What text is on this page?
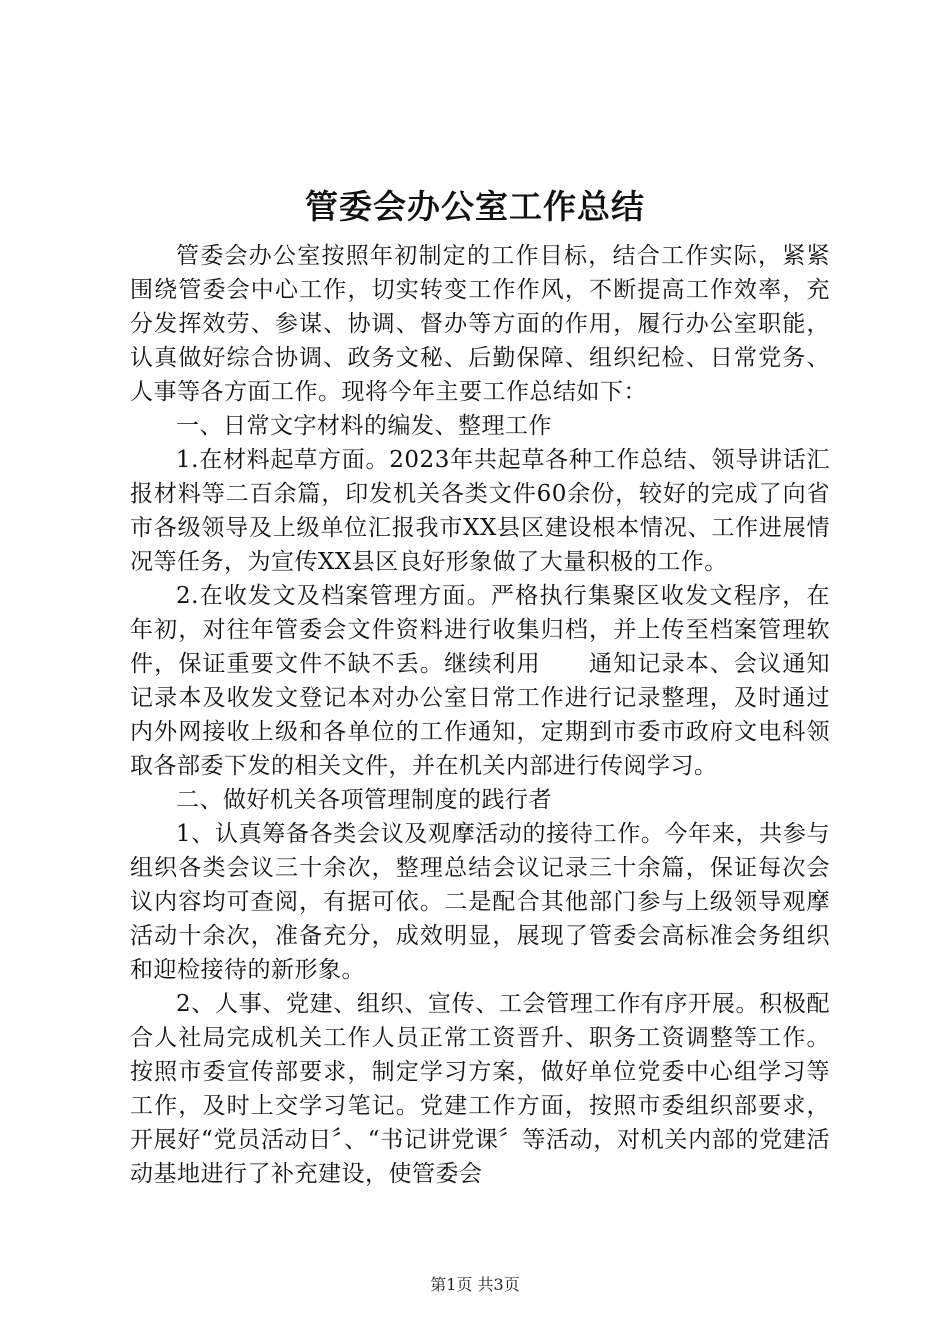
管委会办公室工作总结

管委会办公室按照年初制定的工作目标，结合工作实际，紧紧围绕管委会中心工作，切实转变工作作风，不断提高工作效率，充分发挥效劳、参谋、协调、督办等方面的作用，履行办公室职能，认真做好综合协调、政务文秘、后勤保障、组织纪检、日常党务、人事等各方面工作。现将今年主要工作总结如下：

一、日常文字材料的编发、整理工作

1.在材料起草方面。2023年共起草各种工作总结、领导讲话汇报材料等二百余篇，印发机关各类文件60余份，较好的完成了向省市各级领导及上级单位汇报我市XX县区建设根本情况、工作进展情况等任务，为宣传XX县区良好形象做了大量积极的工作。

2.在收发文及档案管理方面。严格执行集聚区收发文程序，在年初，对往年管委会文件资料进行收集归档，并上传至档案管理软件，保证重要文件不缺不丢。继续利用　　通知记录本、会议通知记录本及收发文登记本对办公室日常工作进行记录整理，及时通过内外网接收上级和各单位的工作通知，定期到市委市政府文电科领取各部委下发的相关文件，并在机关内部进行传阅学习。

二、做好机关各项管理制度的践行者

1、认真筹备各类会议及观摩活动的接待工作。今年来，共参与组织各类会议三十余次，整理总结会议记录三十余篇，保证每次会议内容均可查阅，有据可依。二是配合其他部门参与上级领导观摩活动十余次，准备充分，成效明显，展现了管委会高标准会务组织和迎检接待的新形象。

2、人事、党建、组织、宣传、工会管理工作有序开展。积极配合人社局完成机关工作人员正常工资晋升、职务工资调整等工作。按照市委宣传部要求，制定学习方案，做好单位党委中心组学习等工作，及时上交学习笔记。党建工作方面，按照市委组织部要求，开展好“党员活动日〞、“书记讲党课〞等活动，对机关内部的党建活动基地进行了补充建设，使管委会

第1页 共3页
